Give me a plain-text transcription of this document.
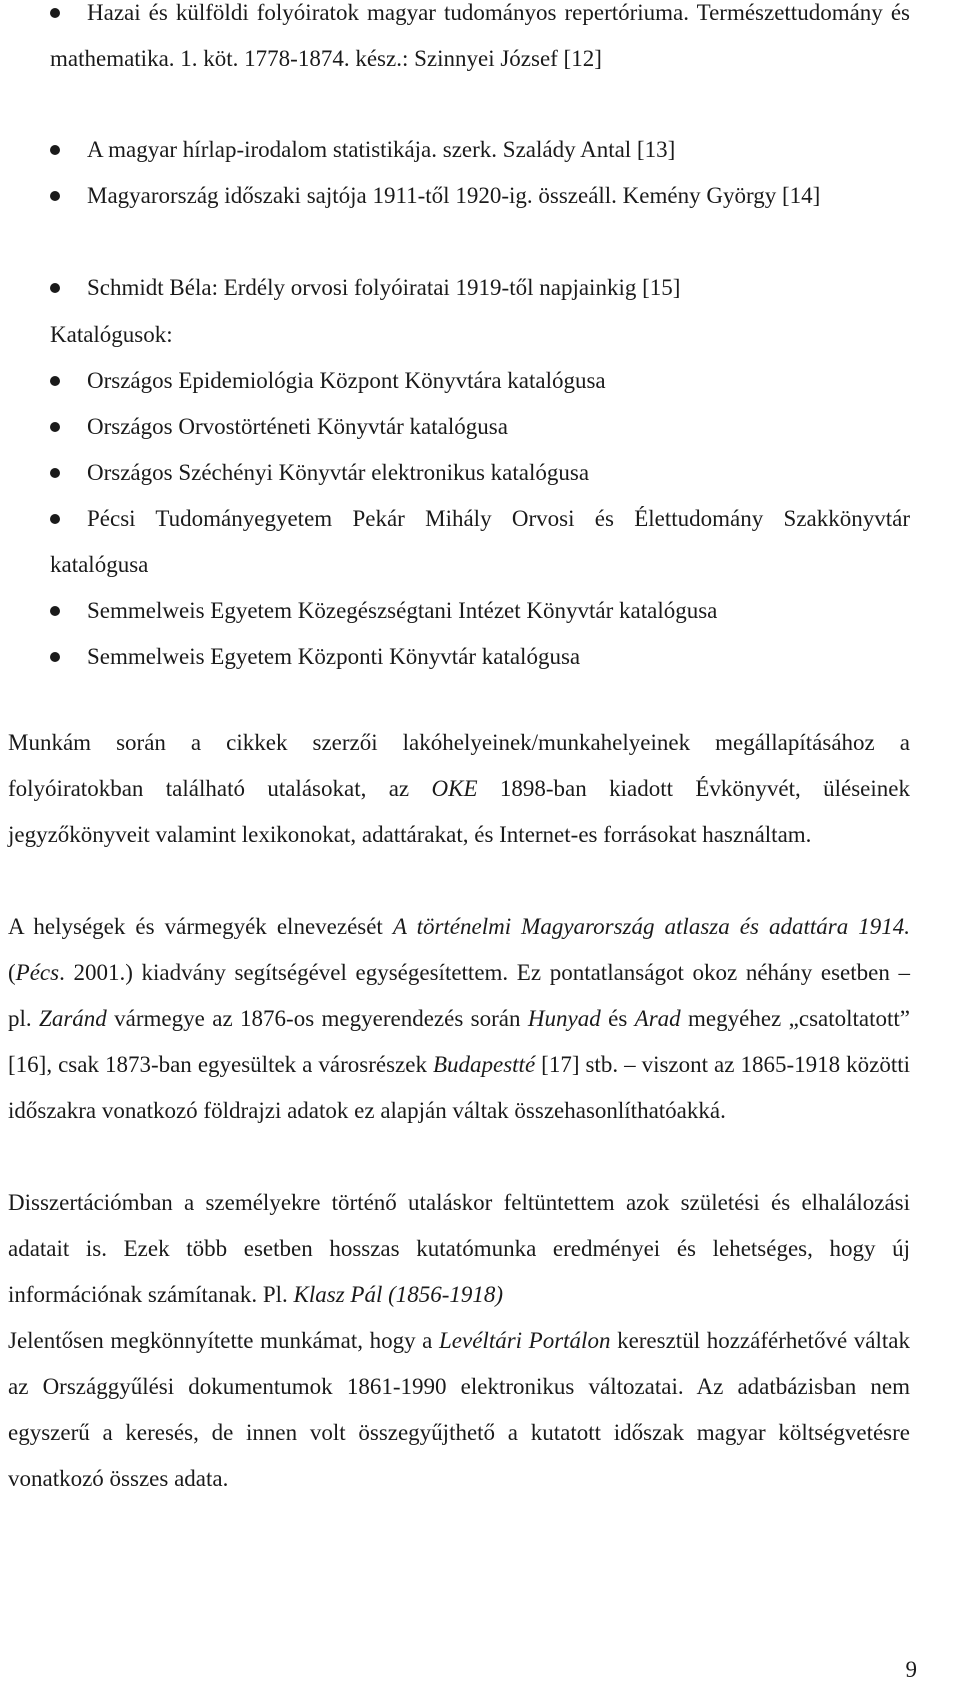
Hazai és külföldi folyóiratok magyar tudományos repertóriuma. Természettudomány és mathematika. 1. köt. 1778-1874. kész.: Szinnyei József [12]
A magyar hírlap-irodalom statistikája. szerk. Szalády Antal [13]
Magyarország időszaki sajtója 1911-től 1920-ig. összeáll. Kemény György [14]
Schmidt Béla: Erdély orvosi folyóiratai 1919-től napjainkig [15]
Katalógusok:
Országos Epidemiológia Központ Könyvtára katalógusa
Országos Orvostörténeti Könyvtár katalógusa
Országos Széchényi Könyvtár elektronikus katalógusa
Pécsi Tudományegyetem Pekár Mihály Orvosi és Élettudomány Szakkönyvtár katalógusa
Semmelweis Egyetem Közegészségtani Intézet Könyvtár katalógusa
Semmelweis Egyetem Központi Könyvtár katalógusa
Munkám során a cikkek szerzői lakóhelyeinek/munkahelyeinek megállapításához a folyóiratokban található utalásokat, az OKE 1898-ban kiadott Évkönyvét, üléseinek jegyzőkönyveit valamint lexikonokat, adattárakat, és Internet-es forrásokat használtam.
A helységek és vármegyék elnevezését A történelmi Magyarország atlasza és adattára 1914. (Pécs. 2001.) kiadvány segítségével egységesítettem. Ez pontatlanságot okoz néhány esetben – pl. Zaránd vármegye az 1876-os megyerendezés során Hunyad és Arad megyéhez „csatoltatott” [16], csak 1873-ban egyesültek a városrészek Budapestté [17] stb. – viszont az 1865-1918 közötti időszakra vonatkozó földrajzi adatok ez alapján váltak összehasonlíthatóakká.
Disszertációmban a személyekre történő utaláskor feltüntettem azok születési és elhalálozási adatait is. Ezek több esetben hosszas kutatómunka eredményei és lehetséges, hogy új információnak számítanak. Pl. Klasz Pál (1856-1918)
Jelentősen megkönnyítette munkámat, hogy a Levéltári Portálon keresztül hozzáférhetővé váltak az Országgyűlési dokumentumok 1861-1990 elektronikus változatai. Az adatbázisban nem egyszerű a keresés, de innen volt összegyűjthető a kutatott időszak magyar költségvetésre vonatkozó összes adata.
9
